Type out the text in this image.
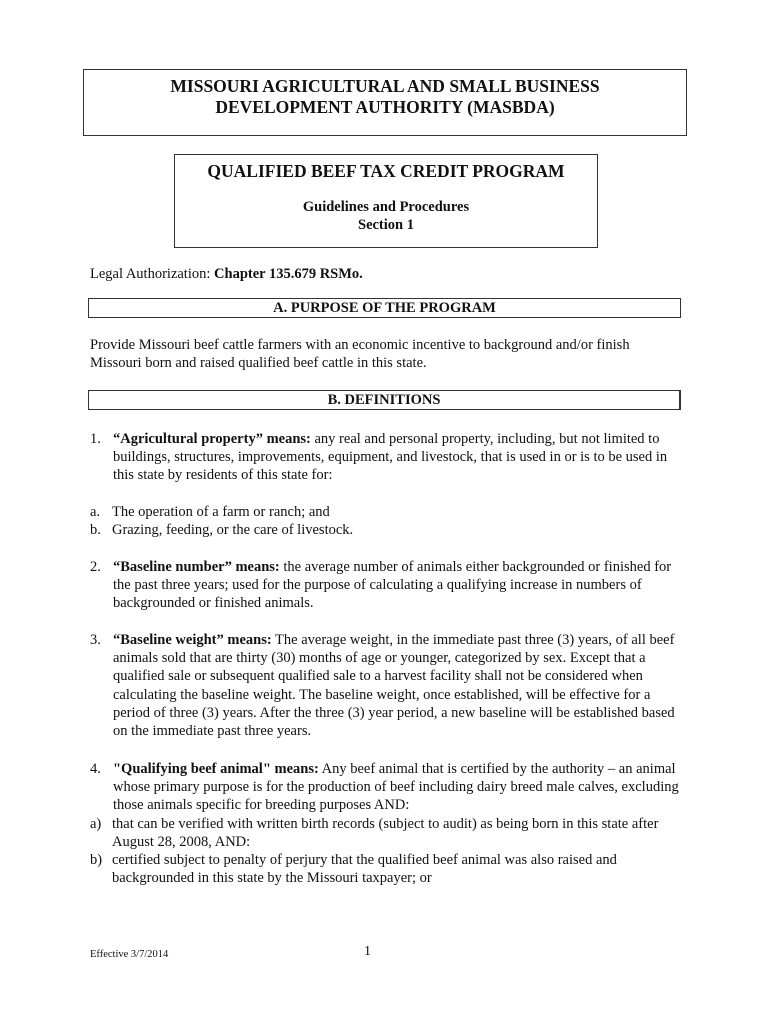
MISSOURI AGRICULTURAL AND SMALL BUSINESS
DEVELOPMENT AUTHORITY (MASBDA)
QUALIFIED BEEF TAX CREDIT PROGRAM
Guidelines and Procedures
Section 1

Legal Authorization: Chapter 135.679 RSMo.

A. PURPOSE OF THE PROGRAM

Provide Missouri beef cattle farmers with an economic incentive to background and/or finish Missouri born and raised qualified beef cattle in this state.

B. DEFINITIONS
1. “Agricultural property” means: any real and personal property, including, but not limited to buildings, structures, improvements, equipment, and livestock, that is used in or is to be used in this state by residents of this state for:
a. The operation of a farm or ranch; and
b. Grazing, feeding, or the care of livestock.
2. “Baseline number” means: the average number of animals either backgrounded or finished for the past three years; used for the purpose of calculating a qualifying increase in numbers of backgrounded or finished animals.
3. “Baseline weight” means: The average weight, in the immediate past three (3) years, of all beef animals sold that are thirty (30) months of age or younger, categorized by sex. Except that a qualified sale or subsequent qualified sale to a harvest facility shall not be considered when calculating the baseline weight. The baseline weight, once established, will be effective for a period of three (3) years. After the three (3) year period, a new baseline will be established based on the immediate past three years.
4. "Qualifying beef animal" means: Any beef animal that is certified by the authority – an animal whose primary purpose is for the production of beef including dairy breed male calves, excluding those animals specific for breeding purposes AND:
a) that can be verified with written birth records (subject to audit) as being born in this state after August 28, 2008, AND:
b) certified subject to penalty of perjury that the qualified beef animal was also raised and backgrounded in this state by the Missouri taxpayer; or
Effective 3/7/2014	1
